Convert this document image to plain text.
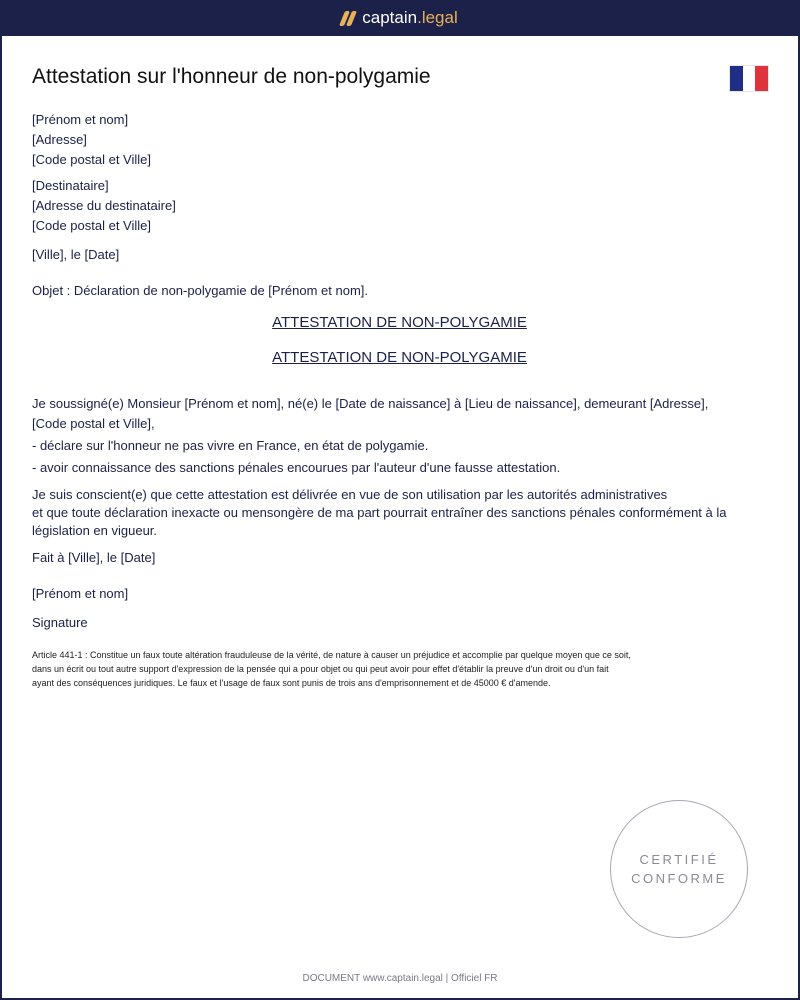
captain.legal
Attestation sur l'honneur de non-polygamie
[Prénom et nom]
[Adresse]
[Code postal et Ville]
[Destinataire]
[Adresse du destinataire]
[Code postal et Ville]
[Ville], le [Date]
Objet : Déclaration de non-polygamie de [Prénom et nom].
ATTESTATION DE NON-POLYGAMIE
ATTESTATION DE NON-POLYGAMIE
Je soussigné(e) Monsieur [Prénom et nom], né(e) le [Date de naissance] à [Lieu de naissance], demeurant [Adresse],
[Code postal et Ville],
- déclare sur l'honneur ne pas vivre en France, en état de polygamie.
- avoir connaissance des sanctions pénales encourues par l'auteur d'une fausse attestation.
Je suis conscient(e) que cette attestation est délivrée en vue de son utilisation par les autorités administratives
et que toute déclaration inexacte ou mensongère de ma part pourrait entraîner des sanctions pénales conformément à la
législation en vigueur.
Fait à [Ville], le [Date]
[Prénom et nom]
Signature
Article 441-1 : Constitue un faux toute altération frauduleuse de la vérité, de nature à causer un préjudice et accomplie par quelque moyen que ce soit,
dans un écrit ou tout autre support d'expression de la pensée qui a pour objet ou qui peut avoir pour effet d'établir la preuve d'un droit ou d'un fait
ayant des conséquences juridiques. Le faux et l'usage de faux sont punis de trois ans d'emprisonnement et de 45000 € d'amende.
CERTIFIÉ
CONFORME
DOCUMENT www.captain.legal | Officiel FR
